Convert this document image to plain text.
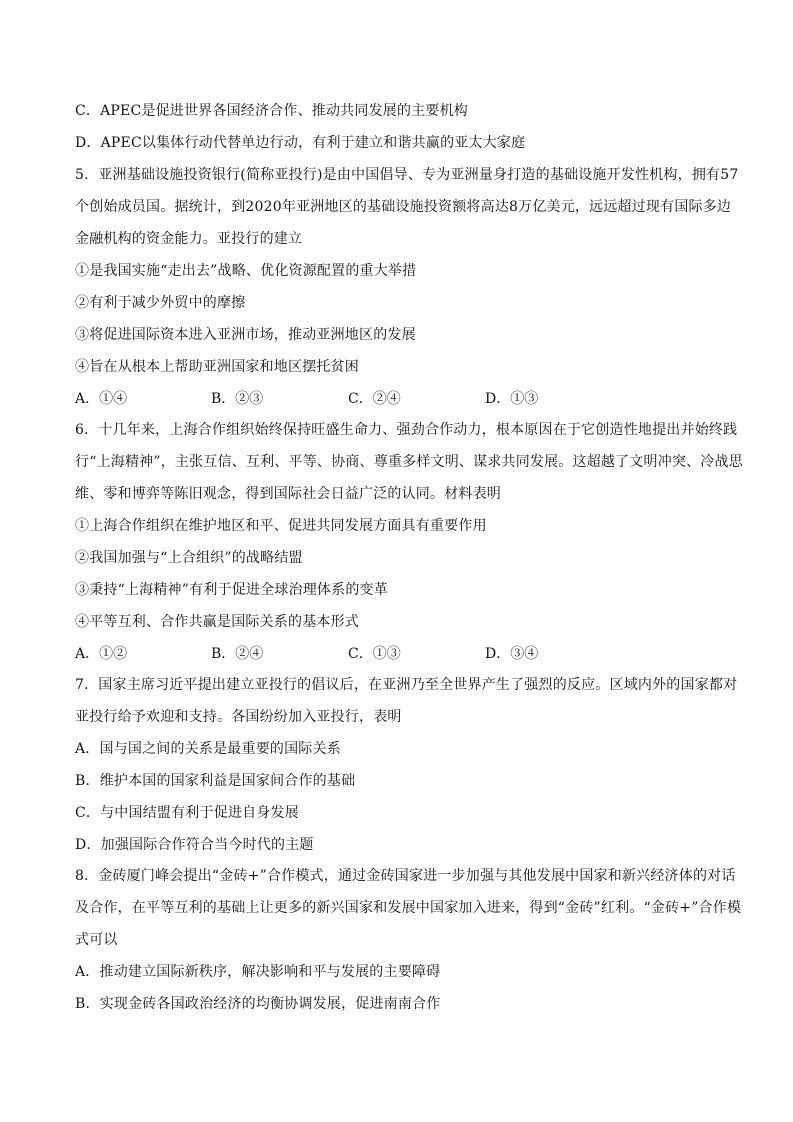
C．APEC是促进世界各国经济合作、推动共同发展的主要机构
D．APEC以集体行动代替单边行动，有利于建立和谐共赢的亚太大家庭
5．亚洲基础设施投资银行(简称亚投行)是由中国倡导、专为亚洲量身打造的基础设施开发性机构，拥有57
个创始成员国。据统计，到2020年亚洲地区的基础设施投资额将高达8万亿美元，远远超过现有国际多边
金融机构的资金能力。亚投行的建立
①是我国实施“走出去”战略、优化资源配置的重大举措
②有利于减少外贸中的摩擦
③将促进国际资本进入亚洲市场，推动亚洲地区的发展
④旨在从根本上帮助亚洲国家和地区摆托贫困
A．①④	B．②③	C．②④	D．①③
6．十几年来，上海合作组织始终保持旺盛生命力、强劲合作动力，根本原因在于它创造性地提出并始终践
行“上海精神”，主张互信、互利、平等、协商、尊重多样文明、谋求共同发展。这超越了文明冲突、冷战思
维、零和博弈等陈旧观念，得到国际社会日益广泛的认同。材料表明
①上海合作组织在维护地区和平、促进共同发展方面具有重要作用
②我国加强与“上合组织”的战略结盟
③秉持“上海精神”有利于促进全球治理体系的变革
④平等互利、合作共赢是国际关系的基本形式
A．①②	B．②④	C．①③	D．③④
7．国家主席习近平提出建立亚投行的倡议后，在亚洲乃至全世界产生了强烈的反应。区域内外的国家都对
亚投行给予欢迎和支持。各国纷纷加入亚投行，表明
A．国与国之间的关系是最重要的国际关系
B．维护本国的国家利益是国家间合作的基础
C．与中国结盟有利于促进自身发展
D．加强国际合作符合当今时代的主题
8．金砖厦门峰会提出“金砖+”合作模式，通过金砖国家进一步加强与其他发展中国家和新兴经济体的对话
及合作，在平等互利的基础上让更多的新兴国家和发展中国家加入进来，得到“金砖”红利。“金砖+”合作模
式可以
A．推动建立国际新秩序，解决影响和平与发展的主要障碍
B．实现金砖各国政治经济的均衡协调发展，促进南南合作
